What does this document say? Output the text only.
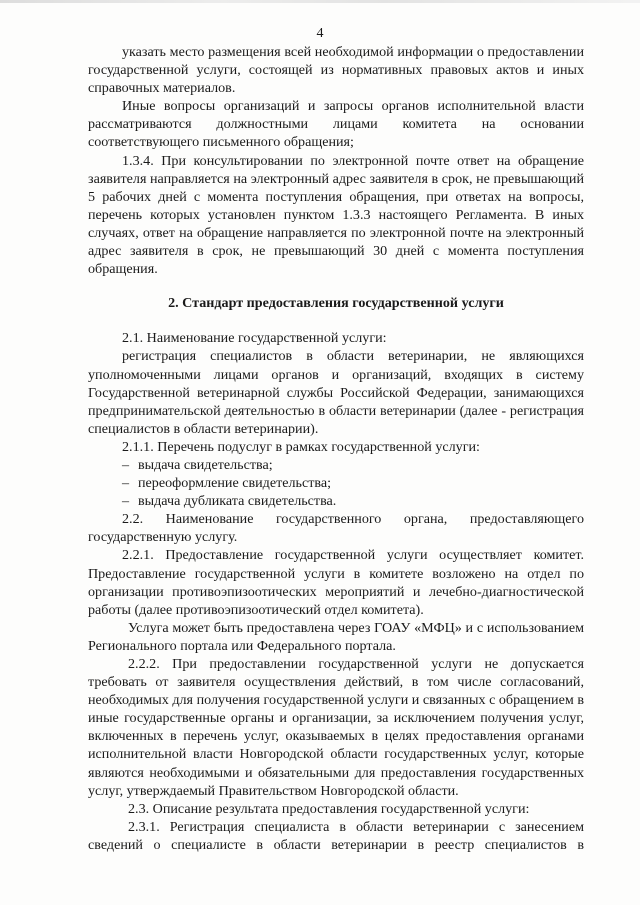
4

указать место размещения всей необходимой информации о предоставлении государственной услуги, состоящей из нормативных правовых актов и иных справочных материалов.

Иные вопросы организаций и запросы органов исполнительной власти рассматриваются должностными лицами комитета на основании соответствующего письменного обращения;

1.3.4. При консультировании по электронной почте ответ на обращение заявителя направляется на электронный адрес заявителя в срок, не превышающий 5 рабочих дней с момента поступления обращения, при ответах на вопросы, перечень которых установлен пунктом 1.3.3 настоящего Регламента. В иных случаях, ответ на обращение направляется по электронной почте на электронный адрес заявителя в срок, не превышающий 30 дней с момента поступления обращения.

2. Стандарт предоставления государственной услуги

2.1. Наименование государственной услуги:

регистрация специалистов в области ветеринарии, не являющихся уполномоченными лицами органов и организаций, входящих в систему Государственной ветеринарной службы Российской Федерации, занимающихся предпринимательской деятельностью в области ветеринарии (далее - регистрация специалистов в области ветеринарии).

2.1.1. Перечень подуслуг в рамках государственной услуги:

– выдача свидетельства;
– переоформление свидетельства;
– выдача дубликата свидетельства.

2.2. Наименование государственного органа, предоставляющего государственную услугу.

2.2.1. Предоставление государственной услуги осуществляет комитет. Предоставление государственной услуги в комитете возложено на отдел по организации противоэпизоотических мероприятий и лечебно-диагностической работы (далее противоэпизоотический отдел комитета).

Услуга может быть предоставлена через ГОАУ «МФЦ» и с использованием Регионального портала или Федерального портала.

2.2.2. При предоставлении государственной услуги не допускается требовать от заявителя осуществления действий, в том числе согласований, необходимых для получения государственной услуги и связанных с обращением в иные государственные органы и организации, за исключением получения услуг, включенных в перечень услуг, оказываемых в целях предоставления органами исполнительной власти Новгородской области государственных услуг, которые являются необходимыми и обязательными для предоставления государственных услуг, утверждаемый Правительством Новгородской области.

2.3. Описание результата предоставления государственной услуги:

2.3.1. Регистрация специалиста в области ветеринарии с занесением сведений о специалисте в области ветеринарии в реестр специалистов в
